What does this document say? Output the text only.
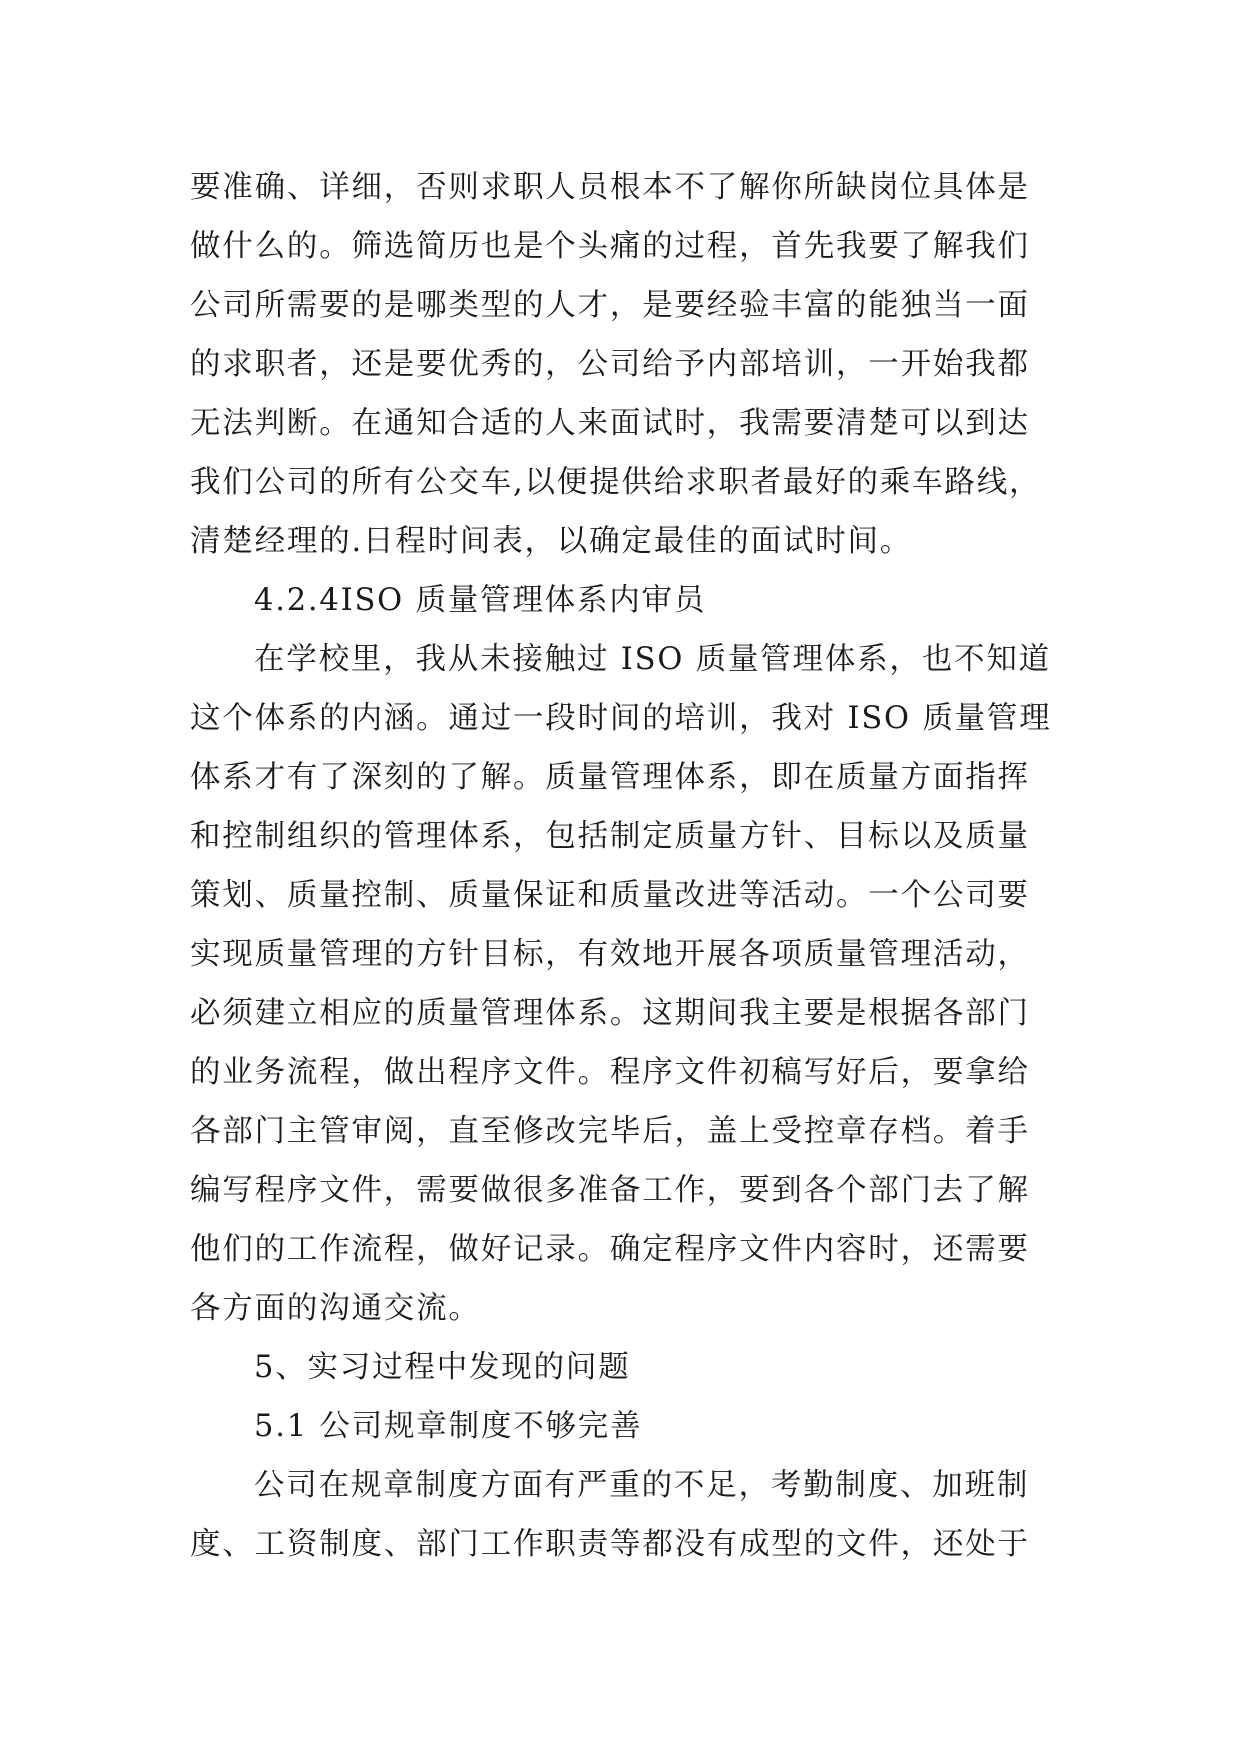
要准确、详细，否则求职人员根本不了解你所缺岗位具体是
做什么的。筛选简历也是个头痛的过程，首先我要了解我们
公司所需要的是哪类型的人才，是要经验丰富的能独当一面
的求职者，还是要优秀的，公司给予内部培训，一开始我都
无法判断。在通知合适的人来面试时，我需要清楚可以到达
我们公司的所有公交车,以便提供给求职者最好的乘车路线，
清楚经理的.日程时间表，以确定最佳的面试时间。
4.2.4ISO 质量管理体系内审员
在学校里，我从未接触过 ISO 质量管理体系，也不知道
这个体系的内涵。通过一段时间的培训，我对 ISO 质量管理
体系才有了深刻的了解。质量管理体系，即在质量方面指挥
和控制组织的管理体系，包括制定质量方针、目标以及质量
策划、质量控制、质量保证和质量改进等活动。一个公司要
实现质量管理的方针目标，有效地开展各项质量管理活动，
必须建立相应的质量管理体系。这期间我主要是根据各部门
的业务流程，做出程序文件。程序文件初稿写好后，要拿给
各部门主管审阅，直至修改完毕后，盖上受控章存档。着手
编写程序文件，需要做很多准备工作，要到各个部门去了解
他们的工作流程，做好记录。确定程序文件内容时，还需要
各方面的沟通交流。
5、实习过程中发现的问题
5.1 公司规章制度不够完善
公司在规章制度方面有严重的不足，考勤制度、加班制
度、工资制度、部门工作职责等都没有成型的文件，还处于
